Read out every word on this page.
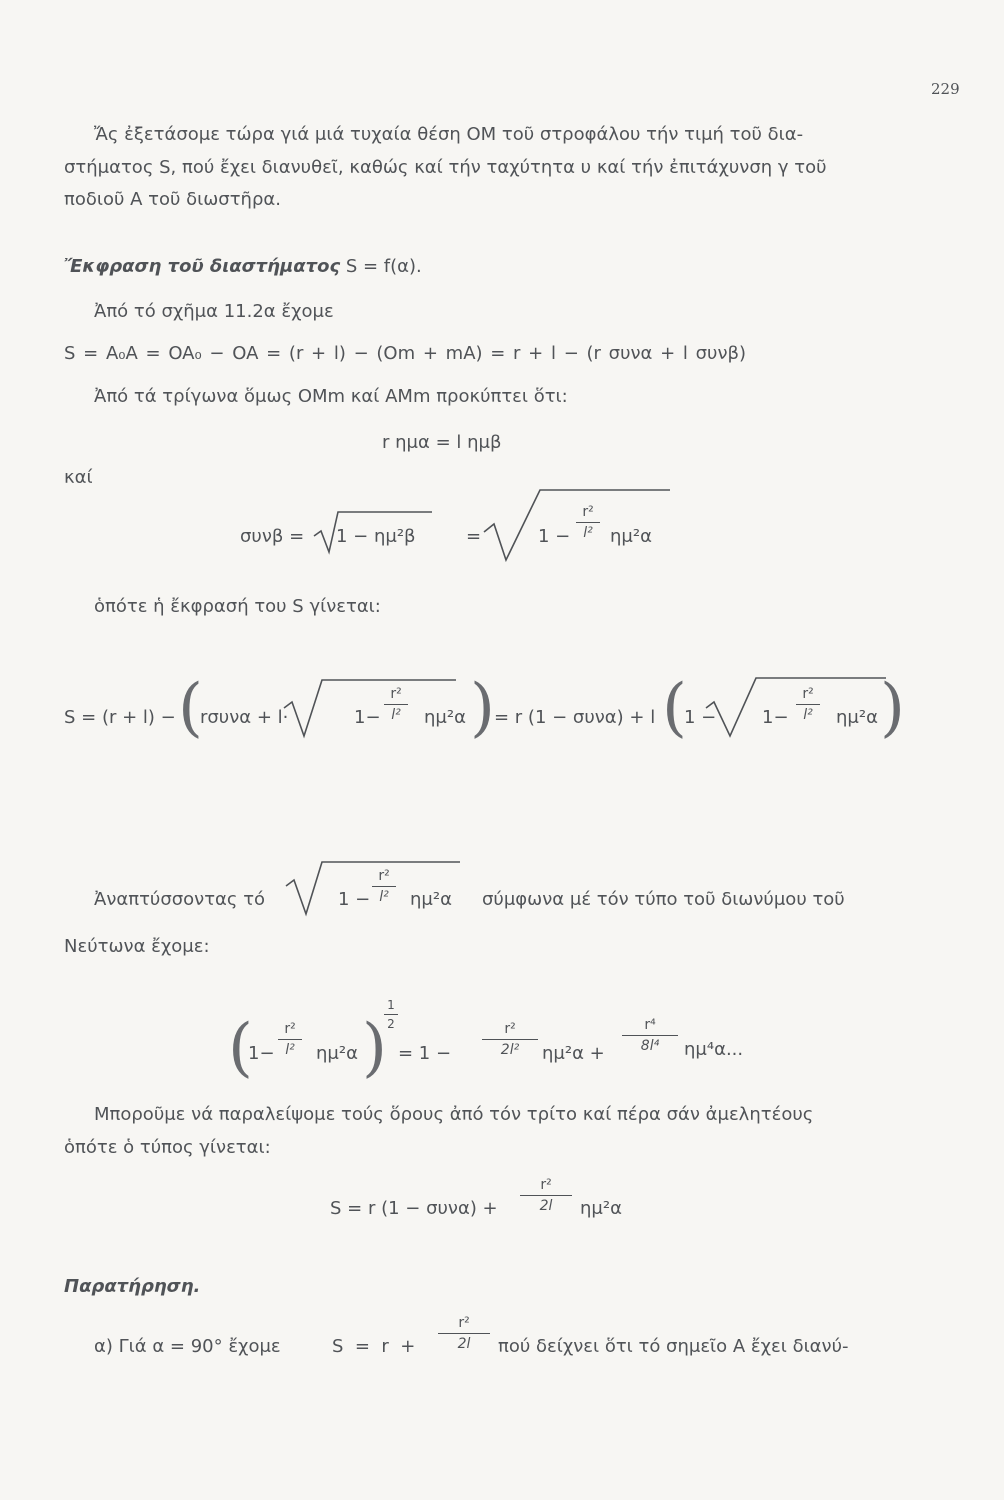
229
Ἄς ἐξετάσομε τώρα γιά μιά τυχαία θέση ΟΜ τοῦ στροφάλου τήν τιμή τοῦ δια-
στήματος S, πού ἔχει διανυθεῖ, καθώς καί τήν ταχύτητα υ καί τήν ἐπιτάχυνση γ τοῦ
ποδιοῦ Α τοῦ διωστῆρα.
Ἔκφραση τοῦ διαστήματος S = f(α).
Ἀπό τό σχῆμα 11.2α ἔχομε
S = A₀A = OA₀ − OA = (r + l) − (Om + mA) = r + l − (r συνα + l συνβ)
Ἀπό τά τρίγωνα ὅμως ΟΜm καί ΑΜm προκύπτει ὅτι:
r ημα = l ημβ
καί
συνβ = 1 − ημ²β	=	1 −
r²
l² ημ²α
ὁπότε ἡ ἔκφρασή του S γίνεται:
S = (r + l) − (
rσυνα + l·	1−
r²
l²	ημ²α ) = r (1 − συνα) + l (
1 −	1−
r²
l²	ημ²α )
Ἀναπτύσσοντας τό	1 −
r²
l²	ημ²α σύμφωνα μέ τόν τύπο τοῦ διωνύμου τοῦ
Νεύτωνα ἔχομε:
(
1−
r²
l²	ημ²α )
1
2
= 1 −
r²
2l²	ημ²α +
r⁴
8l⁴	ημ⁴α...
Μποροῦμε νά παραλείψομε τούς ὅρους ἀπό τόν τρίτο καί πέρα σάν ἀμελητέους
ὁπότε ὁ τύπος γίνεται:
S = r (1 − συνα) +
r²
2l	ημ²α
Παρατήρηση.
α) Γιά α = 90° ἔχομε	S  =  r  +
r²
2l	πού δείχνει ὅτι τό σημεῖο Α ἔχει διανύ-
